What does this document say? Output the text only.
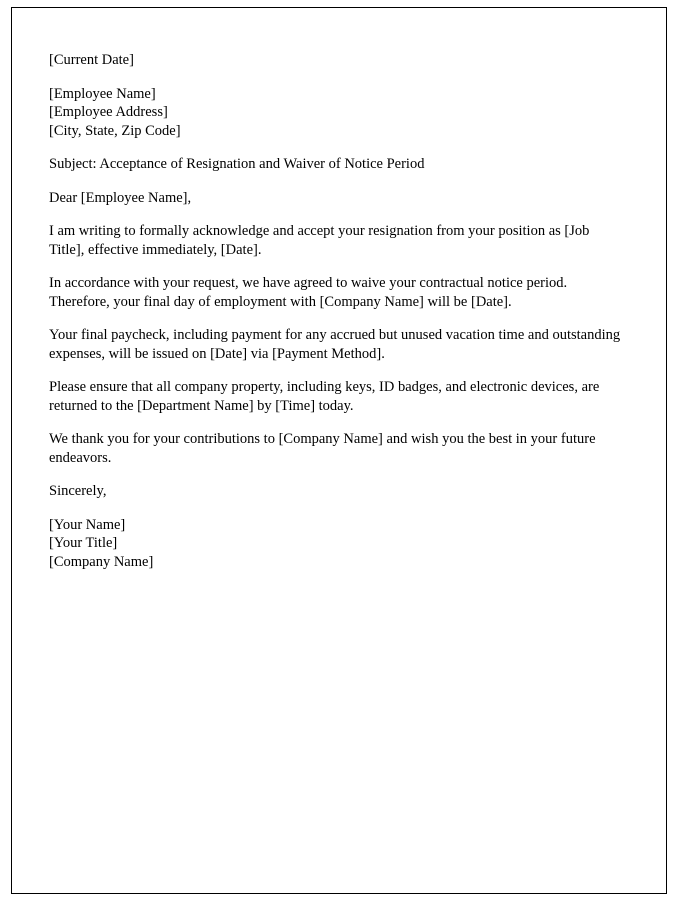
[Current Date]

[Employee Name]
[Employee Address]
[City, State, Zip Code]

Subject: Acceptance of Resignation and Waiver of Notice Period

Dear [Employee Name],

I am writing to formally acknowledge and accept your resignation from your position as [Job Title], effective immediately, [Date].

In accordance with your request, we have agreed to waive your contractual notice period. Therefore, your final day of employment with [Company Name] will be [Date].

Your final paycheck, including payment for any accrued but unused vacation time and outstanding expenses, will be issued on [Date] via [Payment Method].

Please ensure that all company property, including keys, ID badges, and electronic devices, are returned to the [Department Name] by [Time] today.

We thank you for your contributions to [Company Name] and wish you the best in your future endeavors.

Sincerely,

[Your Name]
[Your Title]
[Company Name]
